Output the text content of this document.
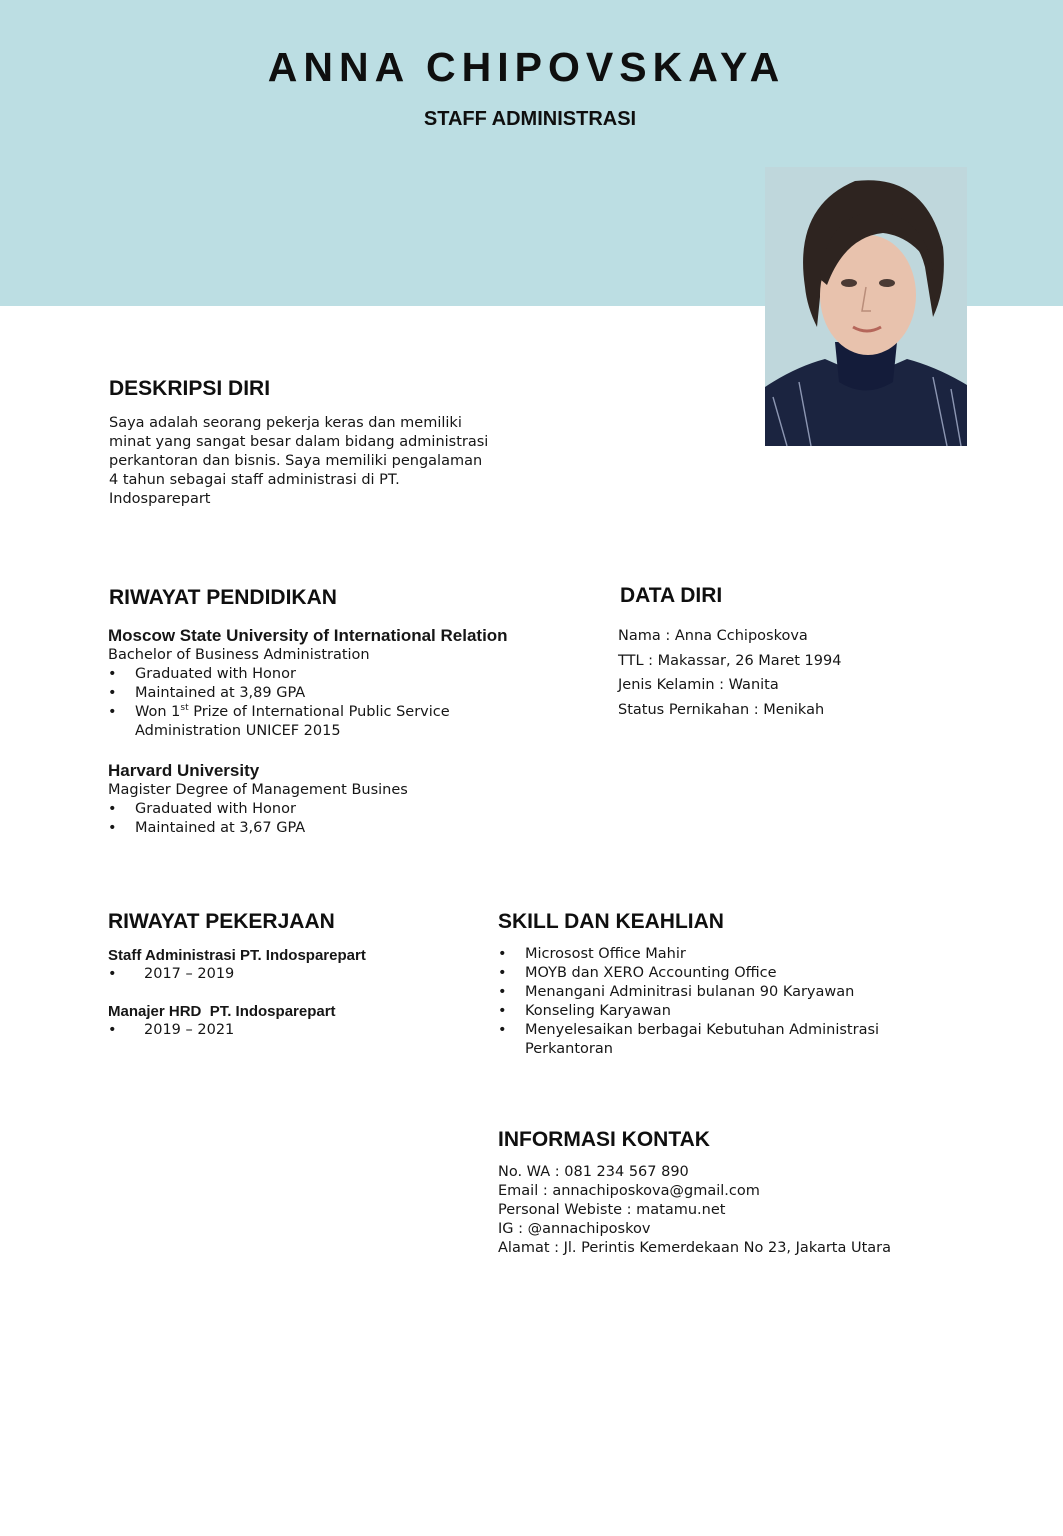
ANNA CHIPOVSKAYA
STAFF ADMINISTRASI
DESKRIPSI DIRI

Saya adalah seorang pekerja keras dan memiliki

minat yang sangat besar dalam bidang administrasi

perkantoran dan bisnis. Saya memiliki pengalaman

4 tahun sebagai staff administrasi di PT.

Indosparepart

RIWAYAT PENDIDIKAN
Moscow State University of International Relation
Bachelor of Business Administration
• Graduated with Honor
• Maintained at 3,89 GPA
• Won 1st Prize of International Public Service
Administration UNICEF 2015
Harvard University
Magister Degree of Management Busines
• Graduated with Honor
• Maintained at 3,67 GPA
DATA DIRI
Nama : Anna Cchiposkova
TTL : Makassar, 26 Maret 1994
Jenis Kelamin : Wanita
Status Pernikahan : Menikah
RIWAYAT PEKERJAAN
Staff Administrasi PT. Indosparepart
• 2017 – 2019
Manajer HRD  PT. Indosparepart
• 2019 – 2021
SKILL DAN KEAHLIAN
• Microsost Office Mahir
• MOYB dan XERO Accounting Office
• Menangani Adminitrasi bulanan 90 Karyawan
• Konseling Karyawan
• Menyelesaikan berbagai Kebutuhan Administrasi
Perkantoran
INFORMASI KONTAK

No. WA : 081 234 567 890

Email : annachiposkova@gmail.com

Personal Webiste : matamu.net

IG : @annachiposkov

Alamat : Jl. Perintis Kemerdekaan No 23, Jakarta Utara
